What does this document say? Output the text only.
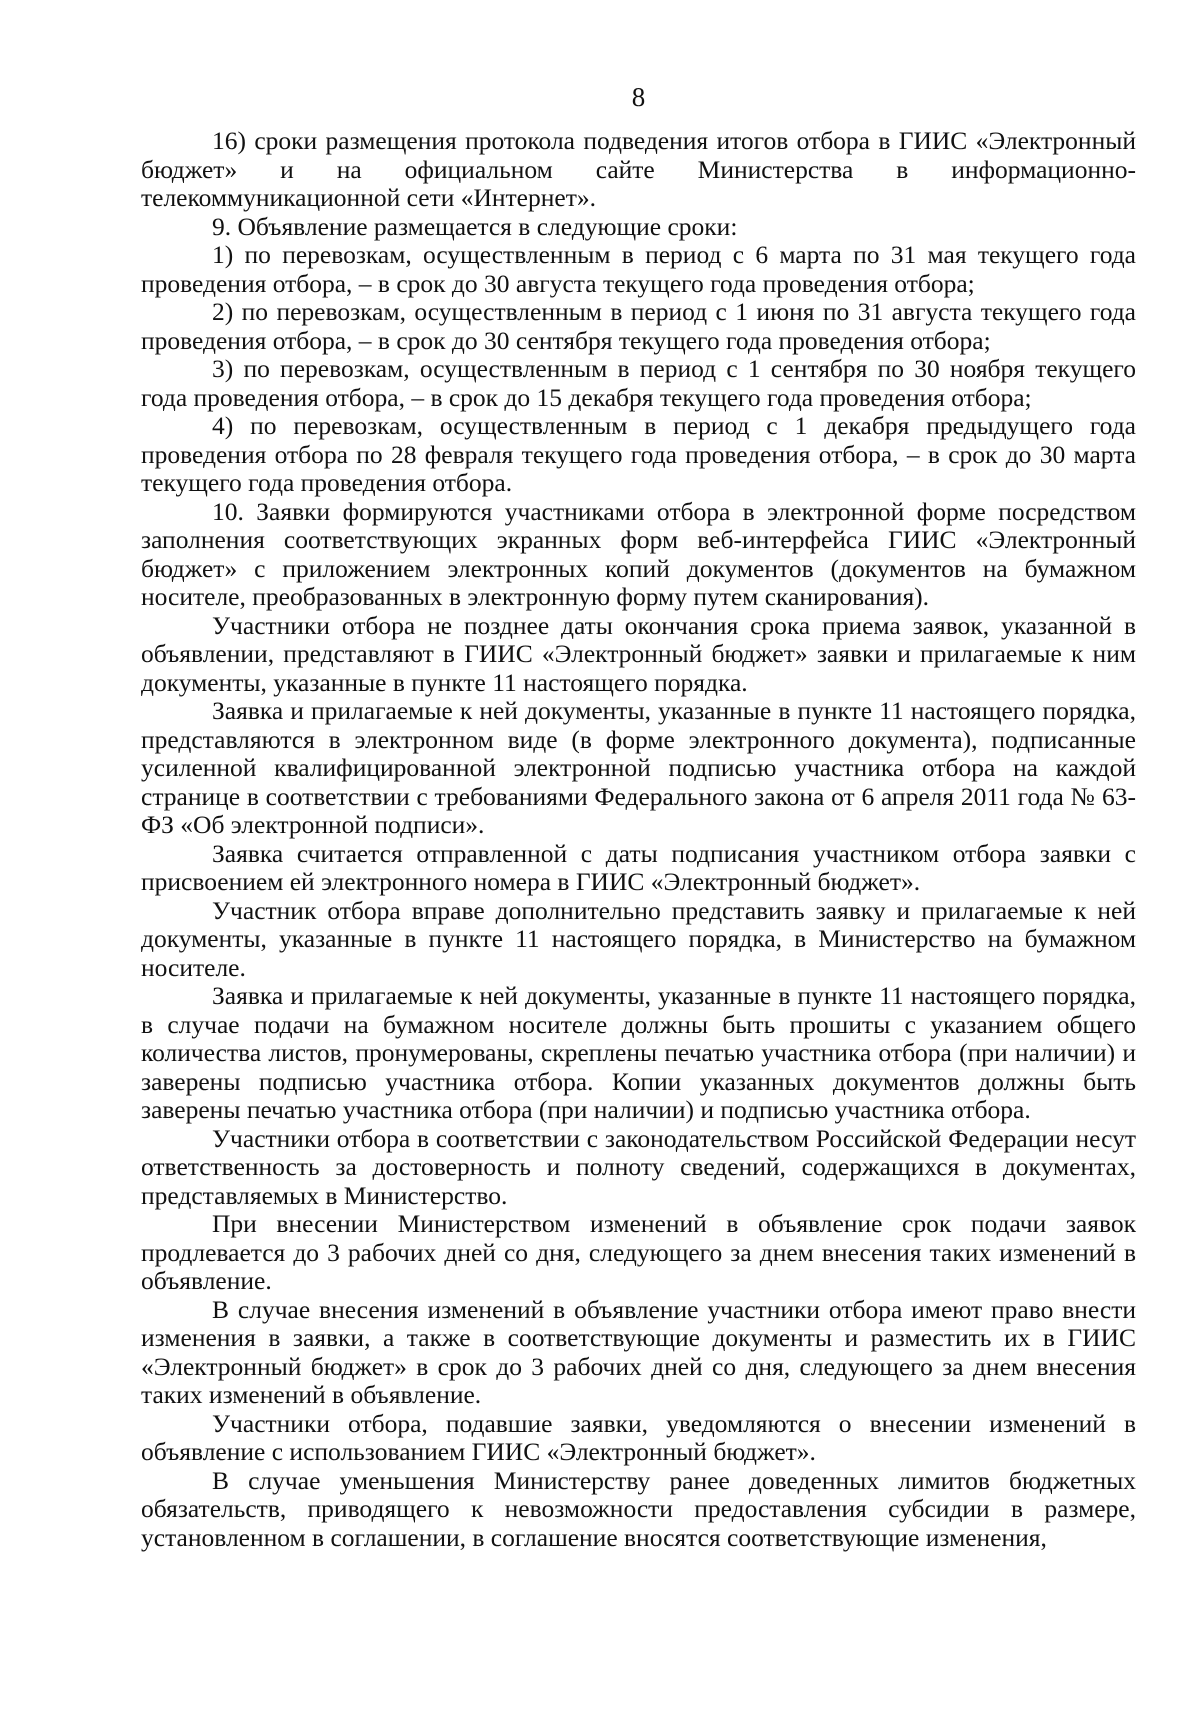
8

16) сроки размещения протокола подведения итогов отбора в ГИИС «Электронный бюджет» и на официальном сайте Министерства в информационно-телекоммуникационной сети «Интернет».

9. Объявление размещается в следующие сроки:

1) по перевозкам, осуществленным в период с 6 марта по 31 мая текущего года проведения отбора, – в срок до 30 августа текущего года проведения отбора;

2) по перевозкам, осуществленным в период с 1 июня по 31 августа текущего года проведения отбора, – в срок до 30 сентября текущего года проведения отбора;

3) по перевозкам, осуществленным в период с 1 сентября по 30 ноября текущего года проведения отбора, – в срок до 15 декабря текущего года проведения отбора;

4) по перевозкам, осуществленным в период с 1 декабря предыдущего года проведения отбора по 28 февраля текущего года проведения отбора, – в срок до 30 марта текущего года проведения отбора.

10. Заявки формируются участниками отбора в электронной форме посредством заполнения соответствующих экранных форм веб-интерфейса ГИИС «Электронный бюджет» с приложением электронных копий документов (документов на бумажном носителе, преобразованных в электронную форму путем сканирования).

Участники отбора не позднее даты окончания срока приема заявок, указанной в объявлении, представляют в ГИИС «Электронный бюджет» заявки и прилагаемые к ним документы, указанные в пункте 11 настоящего порядка.

Заявка и прилагаемые к ней документы, указанные в пункте 11 настоящего порядка, представляются в электронном виде (в форме электронного документа), подписанные усиленной квалифицированной электронной подписью участника отбора на каждой странице в соответствии с требованиями Федерального закона от 6 апреля 2011 года № 63-ФЗ «Об электронной подписи».

Заявка считается отправленной с даты подписания участником отбора заявки с присвоением ей электронного номера в ГИИС «Электронный бюджет».

Участник отбора вправе дополнительно представить заявку и прилагаемые к ней документы, указанные в пункте 11 настоящего порядка, в Министерство на бумажном носителе.

Заявка и прилагаемые к ней документы, указанные в пункте 11 настоящего порядка, в случае подачи на бумажном носителе должны быть прошиты с указанием общего количества листов, пронумерованы, скреплены печатью участника отбора (при наличии) и заверены подписью участника отбора. Копии указанных документов должны быть заверены печатью участника отбора (при наличии) и подписью участника отбора.

Участники отбора в соответствии с законодательством Российской Федерации несут ответственность за достоверность и полноту сведений, содержащихся в документах, представляемых в Министерство.

При внесении Министерством изменений в объявление срок подачи заявок продлевается до 3 рабочих дней со дня, следующего за днем внесения таких изменений в объявление.

В случае внесения изменений в объявление участники отбора имеют право внести изменения в заявки, а также в соответствующие документы и разместить их в ГИИС «Электронный бюджет» в срок до 3 рабочих дней со дня, следующего за днем внесения таких изменений в объявление.

Участники отбора, подавшие заявки, уведомляются о внесении изменений в объявление с использованием ГИИС «Электронный бюджет».

В случае уменьшения Министерству ранее доведенных лимитов бюджетных обязательств, приводящего к невозможности предоставления субсидии в размере, установленном в соглашении, в соглашение вносятся соответствующие изменения,
